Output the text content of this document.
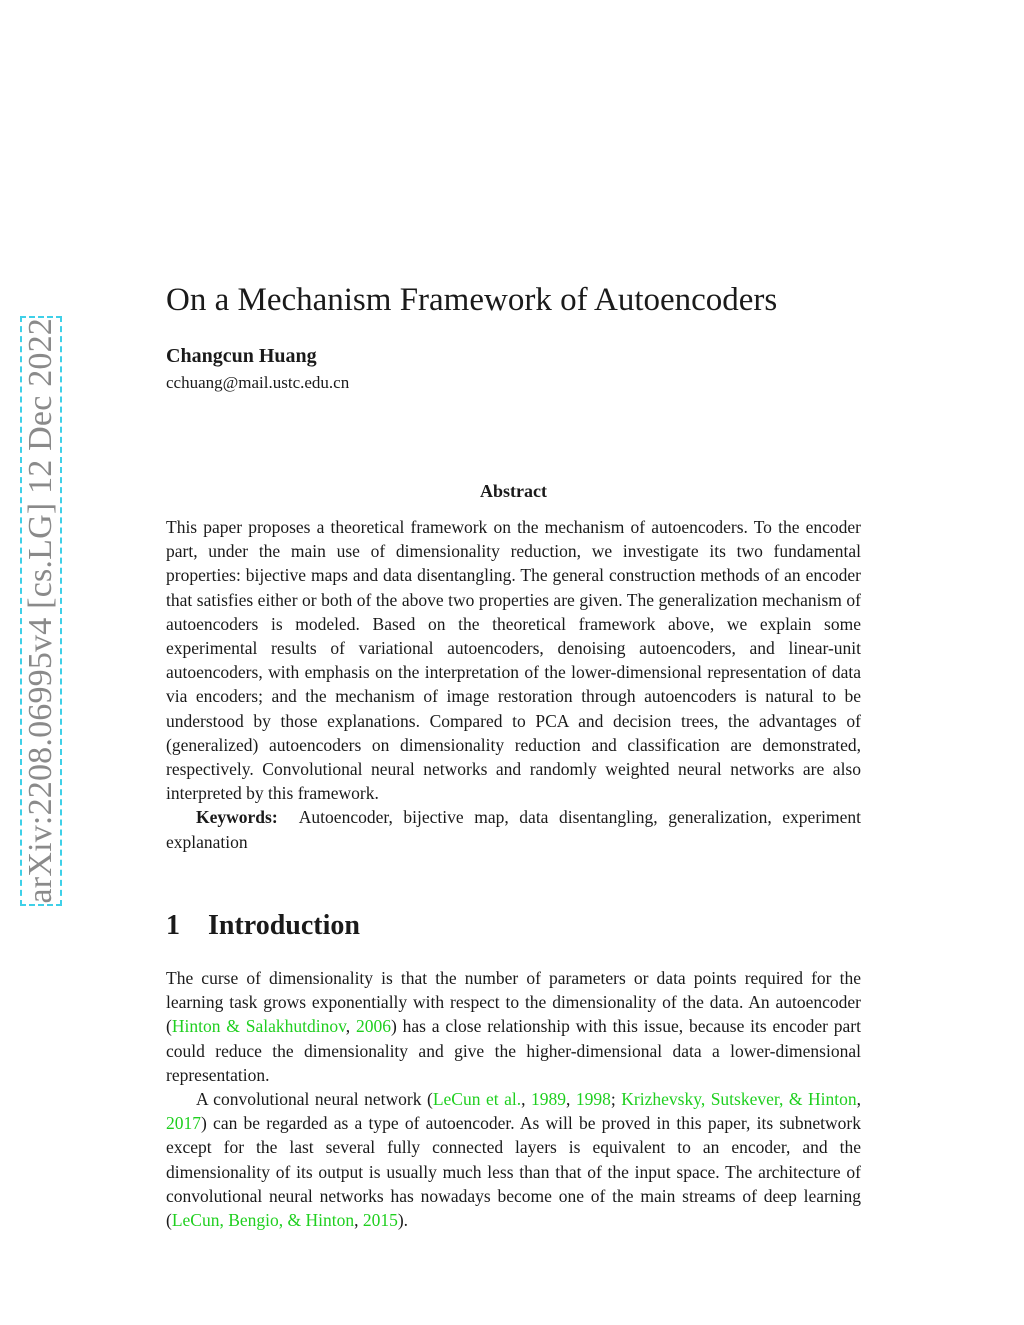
arXiv:2208.06995v4 [cs.LG] 12 Dec 2022
On a Mechanism Framework of Autoencoders
Changcun Huang
cchuang@mail.ustc.edu.cn
Abstract

This paper proposes a theoretical framework on the mechanism of autoencoders. To the encoder part, under the main use of dimensionality reduction, we investigate its two fundamental properties: bijective maps and data disentangling. The general construction methods of an encoder that satisfies either or both of the above two properties are given. The generalization mechanism of autoencoders is modeled. Based on the theoretical framework above, we explain some experimental results of variational autoencoders, denoising autoencoders, and linear-unit autoencoders, with emphasis on the interpretation of the lower-dimensional representation of data via encoders; and the mechanism of image restoration through autoencoders is natural to be understood by those explanations. Compared to PCA and decision trees, the advantages of (generalized) autoencoders on dimensionality reduction and classification are demonstrated, respectively. Convolutional neural networks and randomly weighted neural networks are also interpreted by this framework.

Keywords: Autoencoder, bijective map, data disentangling, generalization, experiment explanation

1 Introduction

The curse of dimensionality is that the number of parameters or data points required for the learning task grows exponentially with respect to the dimensionality of the data. An autoencoder (Hinton & Salakhutdinov, 2006) has a close relationship with this issue, because its encoder part could reduce the dimensionality and give the higher-dimensional data a lower-dimensional representation.

A convolutional neural network (LeCun et al., 1989, 1998; Krizhevsky, Sutskever, & Hinton, 2017) can be regarded as a type of autoencoder. As will be proved in this paper, its subnetwork except for the last several fully connected layers is equivalent to an encoder, and the dimensionality of its output is usually much less than that of the input space. The architecture of convolutional neural networks has nowadays become one of the main streams of deep learning (LeCun, Bengio, & Hinton, 2015).
